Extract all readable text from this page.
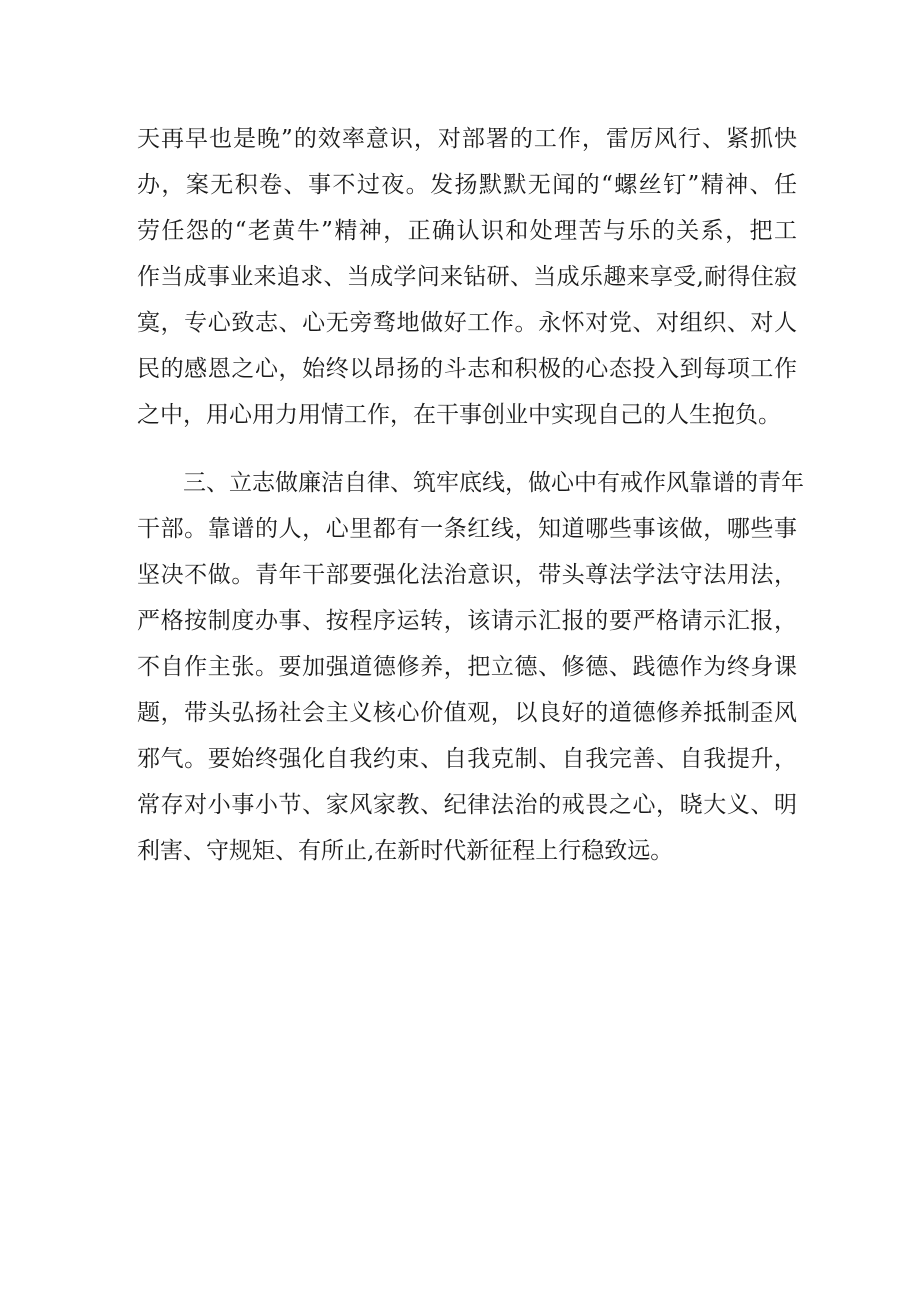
天再早也是晚”的效率意识，对部署的工作，雷厉风行、紧抓快
办，案无积卷、事不过夜。发扬默默无闻的“螺丝钉”精神、任
劳任怨的“老黄牛”精神，正确认识和处理苦与乐的关系，把工
作当成事业来追求、当成学问来钻研、当成乐趣来享受,耐得住寂
寞，专心致志、心无旁骛地做好工作。永怀对党、对组织、对人
民的感恩之心，始终以昂扬的斗志和积极的心态投入到每项工作
之中，用心用力用情工作，在干事创业中实现自己的人生抱负。
三、立志做廉洁自律、筑牢底线，做心中有戒作风靠谱的青年
干部。靠谱的人，心里都有一条红线，知道哪些事该做，哪些事
坚决不做。青年干部要强化法治意识，带头尊法学法守法用法，
严格按制度办事、按程序运转，该请示汇报的要严格请示汇报，
不自作主张。要加强道德修养，把立德、修德、践德作为终身课
题，带头弘扬社会主义核心价值观，以良好的道德修养抵制歪风
邪气。要始终强化自我约束、自我克制、自我完善、自我提升，
常存对小事小节、家风家教、纪律法治的戒畏之心，晓大义、明
利害、守规矩、有所止,在新时代新征程上行稳致远。
